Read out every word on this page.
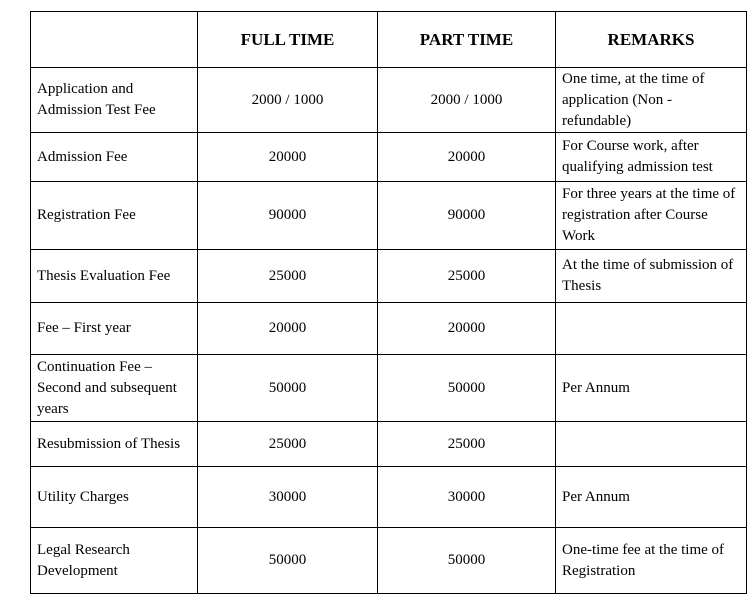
	FULL TIME	PART TIME	REMARKS
Application and Admission Test Fee	2000 / 1000	2000 / 1000	One time, at the time of application (Non - refundable)
Admission Fee	20000	20000	For Course work, after qualifying admission test
Registration Fee	90000	90000	For three years at the time of registration after Course Work
Thesis Evaluation Fee	25000	25000	At the time of submission of Thesis
Fee – First year	20000	20000	
Continuation Fee – Second and subsequent years	50000	50000	Per Annum
Resubmission of Thesis	25000	25000	
Utility Charges	30000	30000	Per Annum
Legal Research Development	50000	50000	One-time fee at the time of Registration
